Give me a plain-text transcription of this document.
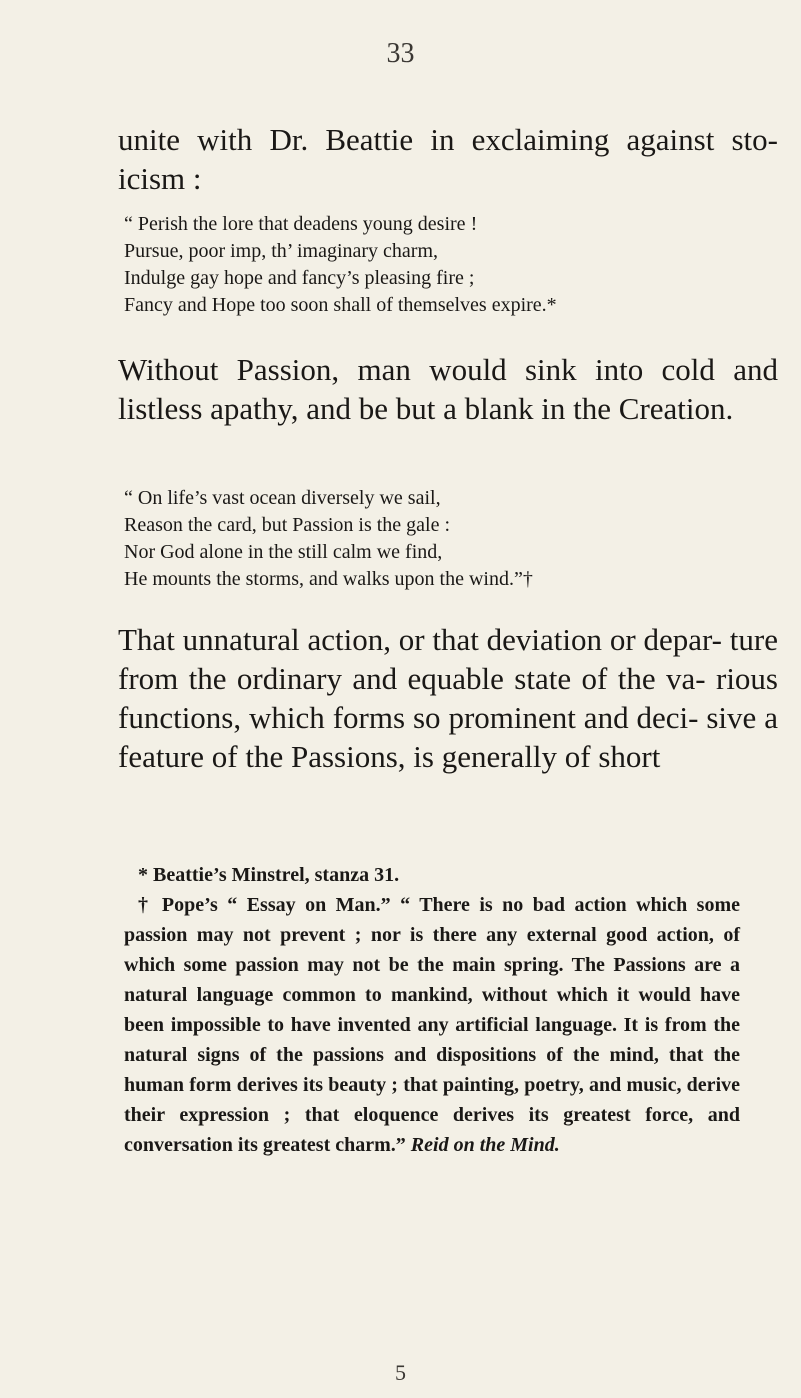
33
unite with Dr. Beattie in exclaiming against sto- icism :
“ Perish the lore that deadens young desire !
Pursue, poor imp, th’ imaginary charm,
Indulge gay hope and fancy’s pleasing fire ;
Fancy and Hope too soon shall of themselves expire.*
Without Passion, man would sink into cold and listless apathy, and be but a blank in the Creation.
“ On life’s vast ocean diversely we sail,
Reason the card, but Passion is the gale :
Nor God alone in the still calm we find,
He mounts the storms, and walks upon the wind.”†
That unnatural action, or that deviation or depar- ture from the ordinary and equable state of the va- rious functions, which forms so prominent and deci- sive a feature of the Passions, is generally of short
* Beattie’s Minstrel, stanza 31.
† Pope’s “ Essay on Man.” “ There is no bad action which some passion may not prevent ; nor is there any external good action, of which some passion may not be the main spring. The Passions are a natural language common to mankind, without which it would have been impossible to have invented any artificial language. It is from the natural signs of the passions and dispositions of the mind, that the human form derives its beauty ; that painting, poetry, and music, derive their expression ; that eloquence derives its greatest force, and conversation its greatest charm.” Reid on the Mind.
5
